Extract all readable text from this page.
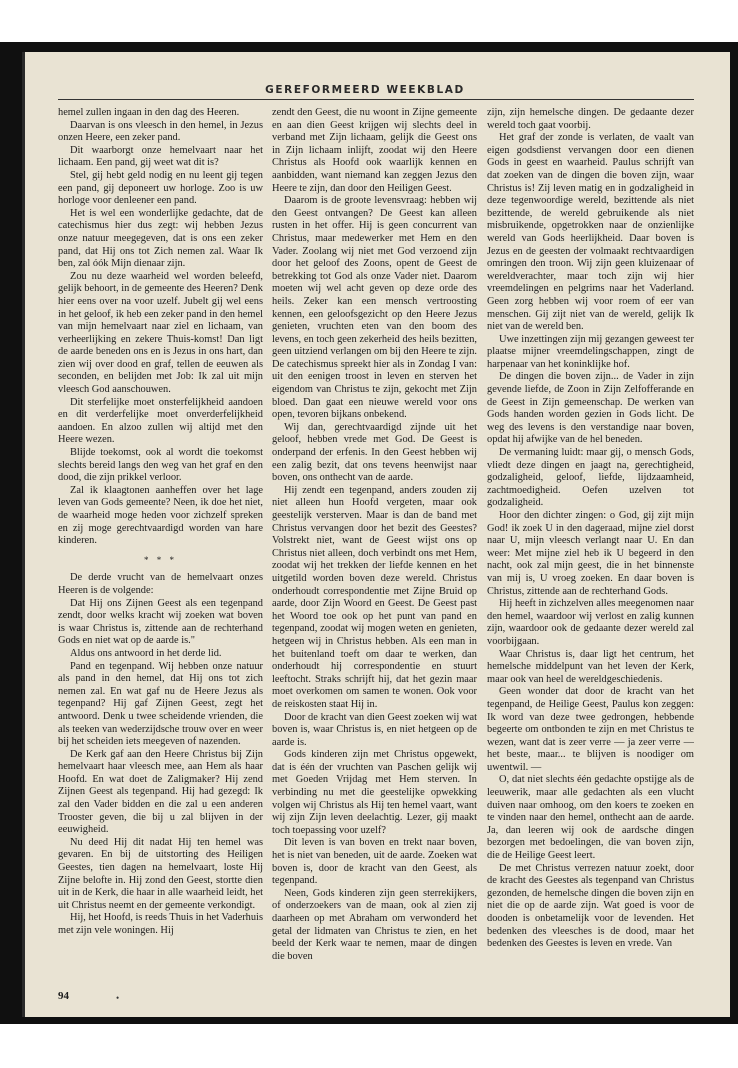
GEREFORMEERD WEEKBLAD

hemel zullen ingaan in den dag des Heeren.

Daarvan is ons vleesch in den hemel, in Jezus onzen Heere, een zeker pand.

Dit waarborgt onze hemelvaart naar het lichaam. Een pand, gij weet wat dit is?

Stel, gij hebt geld nodig en nu leent gij tegen een pand, gij deponeert uw horloge. Zoo is uw horloge voor denleener een pand.

Het is wel een wonderlijke gedachte, dat de catechismus hier dus zegt: wij hebben Jezus onze natuur meegegeven, dat is ons een zeker pand, dat Hij ons tot Zich nemen zal. Waar Ik ben, zal óók Mijn dienaar zijn.

Zou nu deze waarheid wel worden beleefd, gelijk behoort, in de gemeente des Heeren? Denk hier eens over na voor uzelf. Jubelt gij wel eens in het geloof, ik heb een zeker pand in den hemel van mijn hemelvaart naar ziel en lichaam, van verheerlijking en zekere Thuis-komst! Dan ligt de aarde beneden ons en is Jezus in ons hart, dan zien wij over dood en graf, tellen de eeuwen als seconden, en belijden met Job: Ik zal uit mijn vleesch God aanschouwen.

Dit sterfelijke moet onsterfelijkheid aandoen en dit verderfelijke moet onverderfelijkheid aandoen. En alzoo zullen wij altijd met den Heere wezen.

Blijde toekomst, ook al wordt die toekomst slechts bereid langs den weg van het graf en den dood, die zijn prikkel verloor.

Zal ik klaagtonen aanheffen over het lage leven van Gods gemeente? Neen, ik doe het niet, de waarheid moge heden voor zichzelf spreken en zij moge gerechtvaardigd worden van hare kinderen.

* * *

De derde vrucht van de hemelvaart onzes Heeren is de volgende:

Dat Hij ons Zijnen Geest als een tegenpand zendt, door welks kracht wij zoeken wat boven is waar Christus is, zittende aan de rechterhand Gods en niet wat op de aarde is."

Aldus ons antwoord in het derde lid.

Pand en tegenpand. Wij hebben onze natuur als pand in den hemel, dat Hij ons tot zich nemen zal. En wat gaf nu de Heere Jezus als tegenpand? Hij gaf Zijnen Geest, zegt het antwoord. Denk u twee scheidende vrienden, die als teeken van wederzijdsche trouw over en weer bij het scheiden iets meegeven of nazenden.

De Kerk gaf aan den Heere Christus bij Zijn hemelvaart haar vleesch mee, aan Hem als haar Hoofd. En wat doet de Zaligmaker? Hij zend Zijnen Geest als tegenpand. Hij had gezegd: Ik zal den Vader bidden en die zal u een anderen Trooster geven, die bij u zal blijven in der eeuwigheid.

Nu deed Hij dit nadat Hij ten hemel was gevaren. En bij de uitstorting des Heiligen Geestes, tien dagen na hemelvaart, loste Hij Zijne belofte in. Hij zond den Geest, stortte dien uit in de Kerk, die haar in alle waarheid leidt, het uit Christus neemt en der gemeente verkondigt.

Hij, het Hoofd, is reeds Thuis in het Vaderhuis met zijn vele woningen. Hij

zendt den Geest, die nu woont in Zijne gemeente en aan dien Geest krijgen wij slechts deel in verband met Zijn lichaam, gelijk die Geest ons in Zijn lichaam inlijft, zoodat wij den Heere Christus als Hoofd ook waarlijk kennen en aanbidden, want niemand kan zeggen Jezus den Heere te zijn, dan door den Heiligen Geest.

Daarom is de groote levensvraag: hebben wij den Geest ontvangen? De Geest kan alleen rusten in het offer. Hij is geen concurrent van Christus, maar medewerker met Hem en den Vader. Zoolang wij niet met God verzoend zijn door het geloof des Zoons, opent de Geest de betrekking tot God als onze Vader niet. Daarom moeten wij wel acht geven op deze orde des heils. Zeker kan een mensch vertroosting kennen, een geloofsgezicht op den Heere Jezus genieten, vruchten eten van den boom des levens, en toch geen zekerheid des heils bezitten, geen uitziend verlangen om bij den Heere te zijn. De catechismus spreekt hier als in Zondag I van: uit den eenigen troost in leven en sterven het eigendom van Christus te zijn, gekocht met Zijn bloed. Dan gaat een nieuwe wereld voor ons open, tevoren bijkans onbekend.

Wij dan, gerechtvaardigd zijnde uit het geloof, hebben vrede met God. De Geest is onderpand der erfenis. In den Geest hebben wij een zalig bezit, dat ons tevens heenwijst naar boven, ons onthecht van de aarde.

Hij zendt een tegenpand, anders zouden zij niet alleen hun Hoofd vergeten, maar ook geestelijk versterven. Maar is dan de band met Christus vervangen door het bezit des Geestes? Volstrekt niet, want de Geest wijst ons op Christus niet alleen, doch verbindt ons met Hem, zoodat wij het trekken der liefde kennen en het uitgetild worden boven deze wereld. Christus onderhoudt correspondentie met Zijne Bruid op aarde, door Zijn Woord en Geest. De Geest past het Woord toe ook op het punt van pand en tegenpand, zoodat wij mogen weten en genieten, hetgeen wij in Christus hebben. Als een man in het buitenland toeft om daar te werken, dan onderhoudt hij correspondentie en stuurt leeftocht. Straks schrijft hij, dat het gezin maar moet overkomen om samen te wonen. Ook voor de reiskosten staat Hij in.

Door de kracht van dien Geest zoeken wij wat boven is, waar Christus is, en niet hetgeen op de aarde is.

Gods kinderen zijn met Christus opgewekt, dat is één der vruchten van Paschen gelijk wij met Goeden Vrijdag met Hem sterven. In verbinding nu met die geestelijke opwekking volgen wij Christus als Hij ten hemel vaart, want wij zijn Zijn leven deelachtig. Lezer, gij maakt toch toepassing voor uzelf?

Dit leven is van boven en trekt naar boven, het is niet van beneden, uit de aarde. Zoeken wat boven is, door de kracht van den Geest, als tegenpand.

Neen, Gods kinderen zijn geen sterrekijkers, of onderzoekers van de maan, ook al zien zij daarheen op met Abraham om verwonderd het getal der lidmaten van Christus te zien, en het beeld der Kerk waar te nemen, maar de dingen die boven

zijn, zijn hemelsche dingen. De gedaante dezer wereld toch gaat voorbij.

Het graf der zonde is verlaten, de vaalt van eigen godsdienst vervangen door een dienen Gods in geest en waarheid. Paulus schrijft van dat zoeken van de dingen die boven zijn, waar Christus is! Zij leven matig en in godzaligheid in deze tegenwoordige wereld, bezittende als niet bezittende, de wereld gebruikende als niet misbruikende, opgetrokken naar de onzienlijke wereld van Gods heerlijkheid. Daar boven is Jezus en de geesten der volmaakt rechtvaardigen omringen den troon. Wij zijn geen kluizenaar of wereldverachter, maar toch zijn wij hier vreemdelingen en pelgrims naar het Vaderland. Geen zorg hebben wij voor roem of eer van menschen. Gij zijt niet van de wereld, gelijk Ik niet van de wereld ben.

Uwe inzettingen zijn mij gezangen geweest ter plaatse mijner vreemdelingschappen, zingt de harpenaar van het koninklijke hof.

De dingen die boven zijn... de Vader in zijn gevende liefde, de Zoon in Zijn Zelfofferande en de Geest in Zijn gemeenschap. De werken van Gods handen worden gezien in Gods licht. De weg des levens is den verstandige naar boven, opdat hij afwijke van de hel beneden.

De vermaning luidt: maar gij, o mensch Gods, vliedt deze dingen en jaagt na, gerechtigheid, godzaligheid, geloof, liefde, lijdzaamheid, zachtmoedigheid. Oefen uzelven tot godzaligheid.

Hoor den dichter zingen: o God, gij zijt mijn God! ik zoek U in den dageraad, mijne ziel dorst naar U, mijn vleesch verlangt naar U. En dan weer: Met mijne ziel heb ik U begeerd in den nacht, ook zal mijn geest, die in het binnenste van mij is, U vroeg zoeken. En daar boven is Christus, zittende aan de rechterhand Gods.

Hij heeft in zichzelven alles meegenomen naar den hemel, waardoor wij verlost en zalig kunnen zijn, waardoor ook de gedaante dezer wereld zal voorbijgaan.

Waar Christus is, daar ligt het centrum, het hemelsche middelpunt van het leven der Kerk, maar ook van heel de wereldgeschiedenis.

Geen wonder dat door de kracht van het tegenpand, de Heilige Geest, Paulus kon zeggen: Ik word van deze twee gedrongen, hebbende begeerte om ontbonden te zijn en met Christus te wezen, want dat is zeer verre — ja zeer verre — het beste, maar... te blijven is noodiger om uwentwil. —

O, dat niet slechts één gedachte opstijge als de leeuwerik, maar alle gedachten als een vlucht duiven naar omhoog, om den koers te zoeken en te vinden naar den hemel, onthecht aan de aarde. Ja, dan leeren wij ook de aardsche dingen bezorgen met bedoelingen, die van boven zijn, die de Heilige Geest leert.

De met Christus verrezen natuur zoekt, door de kracht des Geestes als tegenpand van Christus gezonden, de hemelsche dingen die boven zijn en niet die op de aarde zijn. Wat goed is voor de dooden is onbetamelijk voor de levenden. Het bedenken des vleesches is de dood, maar het bedenken des Geestes is leven en vrede. Van

94	•
